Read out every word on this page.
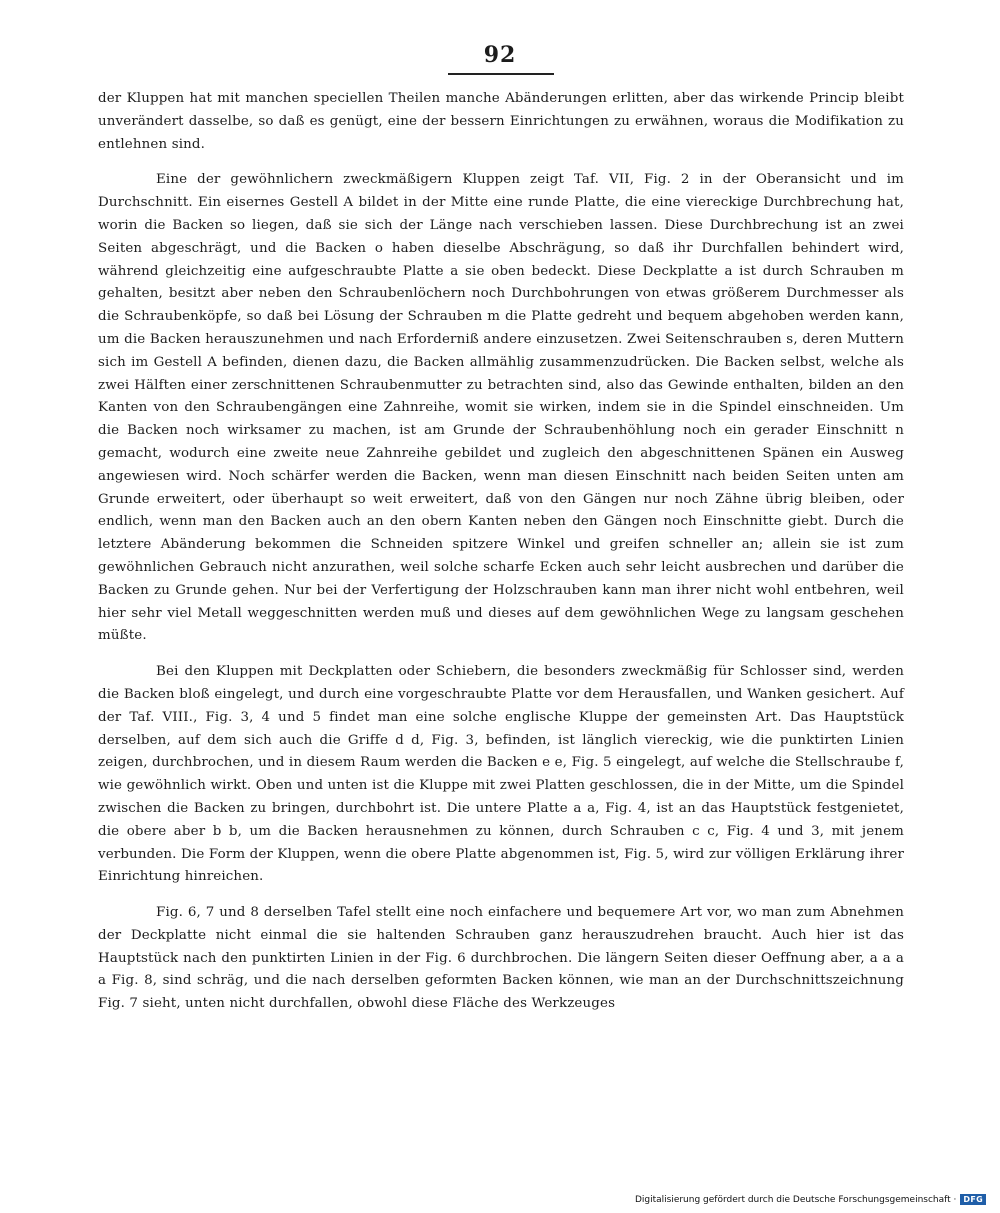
92

der Kluppen hat mit manchen speciellen Theilen manche Abänderungen erlitten, aber das wirkende Princip bleibt unverändert dasselbe, so daß es genügt, eine der bessern Einrichtungen zu erwähnen, woraus die Modifikation zu entlehnen sind.

Eine der gewöhnlichern zweckmäßigern Kluppen zeigt Taf. VII, Fig. 2 in der Oberansicht und im Durchschnitt. Ein eisernes Gestell A bildet in der Mitte eine runde Platte, die eine viereckige Durchbrechung hat, worin die Backen so liegen, daß sie sich der Länge nach verschieben lassen. Diese Durchbrechung ist an zwei Seiten abgeschrägt, und die Backen o haben dieselbe Abschrägung, so daß ihr Durchfallen behindert wird, während gleichzeitig eine aufgeschraubte Platte a sie oben bedeckt. Diese Deckplatte a ist durch Schrauben m gehalten, besitzt aber neben den Schraubenlöchern noch Durchbohrungen von etwas größerem Durchmesser als die Schraubenköpfe, so daß bei Lösung der Schrauben m die Platte gedreht und bequem abgehoben werden kann, um die Backen herauszunehmen und nach Erforderniß andere einzusetzen. Zwei Seitenschrauben s, deren Muttern sich im Gestell A befinden, dienen dazu, die Backen allmählig zusammenzudrücken. Die Backen selbst, welche als zwei Hälften einer zerschnittenen Schraubenmutter zu betrachten sind, also das Gewinde enthalten, bilden an den Kanten von den Schraubengängen eine Zahnreihe, womit sie wirken, indem sie in die Spindel einschneiden. Um die Backen noch wirksamer zu machen, ist am Grunde der Schraubenhöhlung noch ein gerader Einschnitt n gemacht, wodurch eine zweite neue Zahnreihe gebildet und zugleich den abgeschnittenen Spänen ein Ausweg angewiesen wird. Noch schärfer werden die Backen, wenn man diesen Einschnitt nach beiden Seiten unten am Grunde erweitert, oder überhaupt so weit erweitert, daß von den Gängen nur noch Zähne übrig bleiben, oder endlich, wenn man den Backen auch an den obern Kanten neben den Gängen noch Einschnitte giebt. Durch die letztere Abänderung bekommen die Schneiden spitzere Winkel und greifen schneller an; allein sie ist zum gewöhnlichen Gebrauch nicht anzurathen, weil solche scharfe Ecken auch sehr leicht ausbrechen und darüber die Backen zu Grunde gehen. Nur bei der Verfertigung der Holzschrauben kann man ihrer nicht wohl entbehren, weil hier sehr viel Metall weggeschnitten werden muß und dieses auf dem gewöhnlichen Wege zu langsam geschehen müßte.

Bei den Kluppen mit Deckplatten oder Schiebern, die besonders zweckmäßig für Schlosser sind, werden die Backen bloß eingelegt, und durch eine vorgeschraubte Platte vor dem Herausfallen, und Wanken gesichert. Auf der Taf. VIII., Fig. 3, 4 und 5 findet man eine solche englische Kluppe der gemeinsten Art. Das Hauptstück derselben, auf dem sich auch die Griffe d d, Fig. 3, befinden, ist länglich viereckig, wie die punktirten Linien zeigen, durchbrochen, und in diesem Raum werden die Backen e e, Fig. 5 eingelegt, auf welche die Stellschraube f, wie gewöhnlich wirkt. Oben und unten ist die Kluppe mit zwei Platten geschlossen, die in der Mitte, um die Spindel zwischen die Backen zu bringen, durchbohrt ist. Die untere Platte a a, Fig. 4, ist an das Hauptstück festgenietet, die obere aber b b, um die Backen herausnehmen zu können, durch Schrauben c c, Fig. 4 und 3, mit jenem verbunden. Die Form der Kluppen, wenn die obere Platte abgenommen ist, Fig. 5, wird zur völligen Erklärung ihrer Einrichtung hinreichen.

Fig. 6, 7 und 8 derselben Tafel stellt eine noch einfachere und bequemere Art vor, wo man zum Abnehmen der Deckplatte nicht einmal die sie haltenden Schrauben ganz herauszudrehen braucht. Auch hier ist das Hauptstück nach den punktirten Linien in der Fig. 6 durchbrochen. Die längern Seiten dieser Oeffnung aber, a a a a Fig. 8, sind schräg, und die nach derselben geformten Backen können, wie man an der Durchschnittszeichnung Fig. 7 sieht, unten nicht durchfallen, obwohl diese Fläche des Werkzeuges

Digitalisierung gefördert durch die Deutsche Forschungsgemeinschaft · DFG
